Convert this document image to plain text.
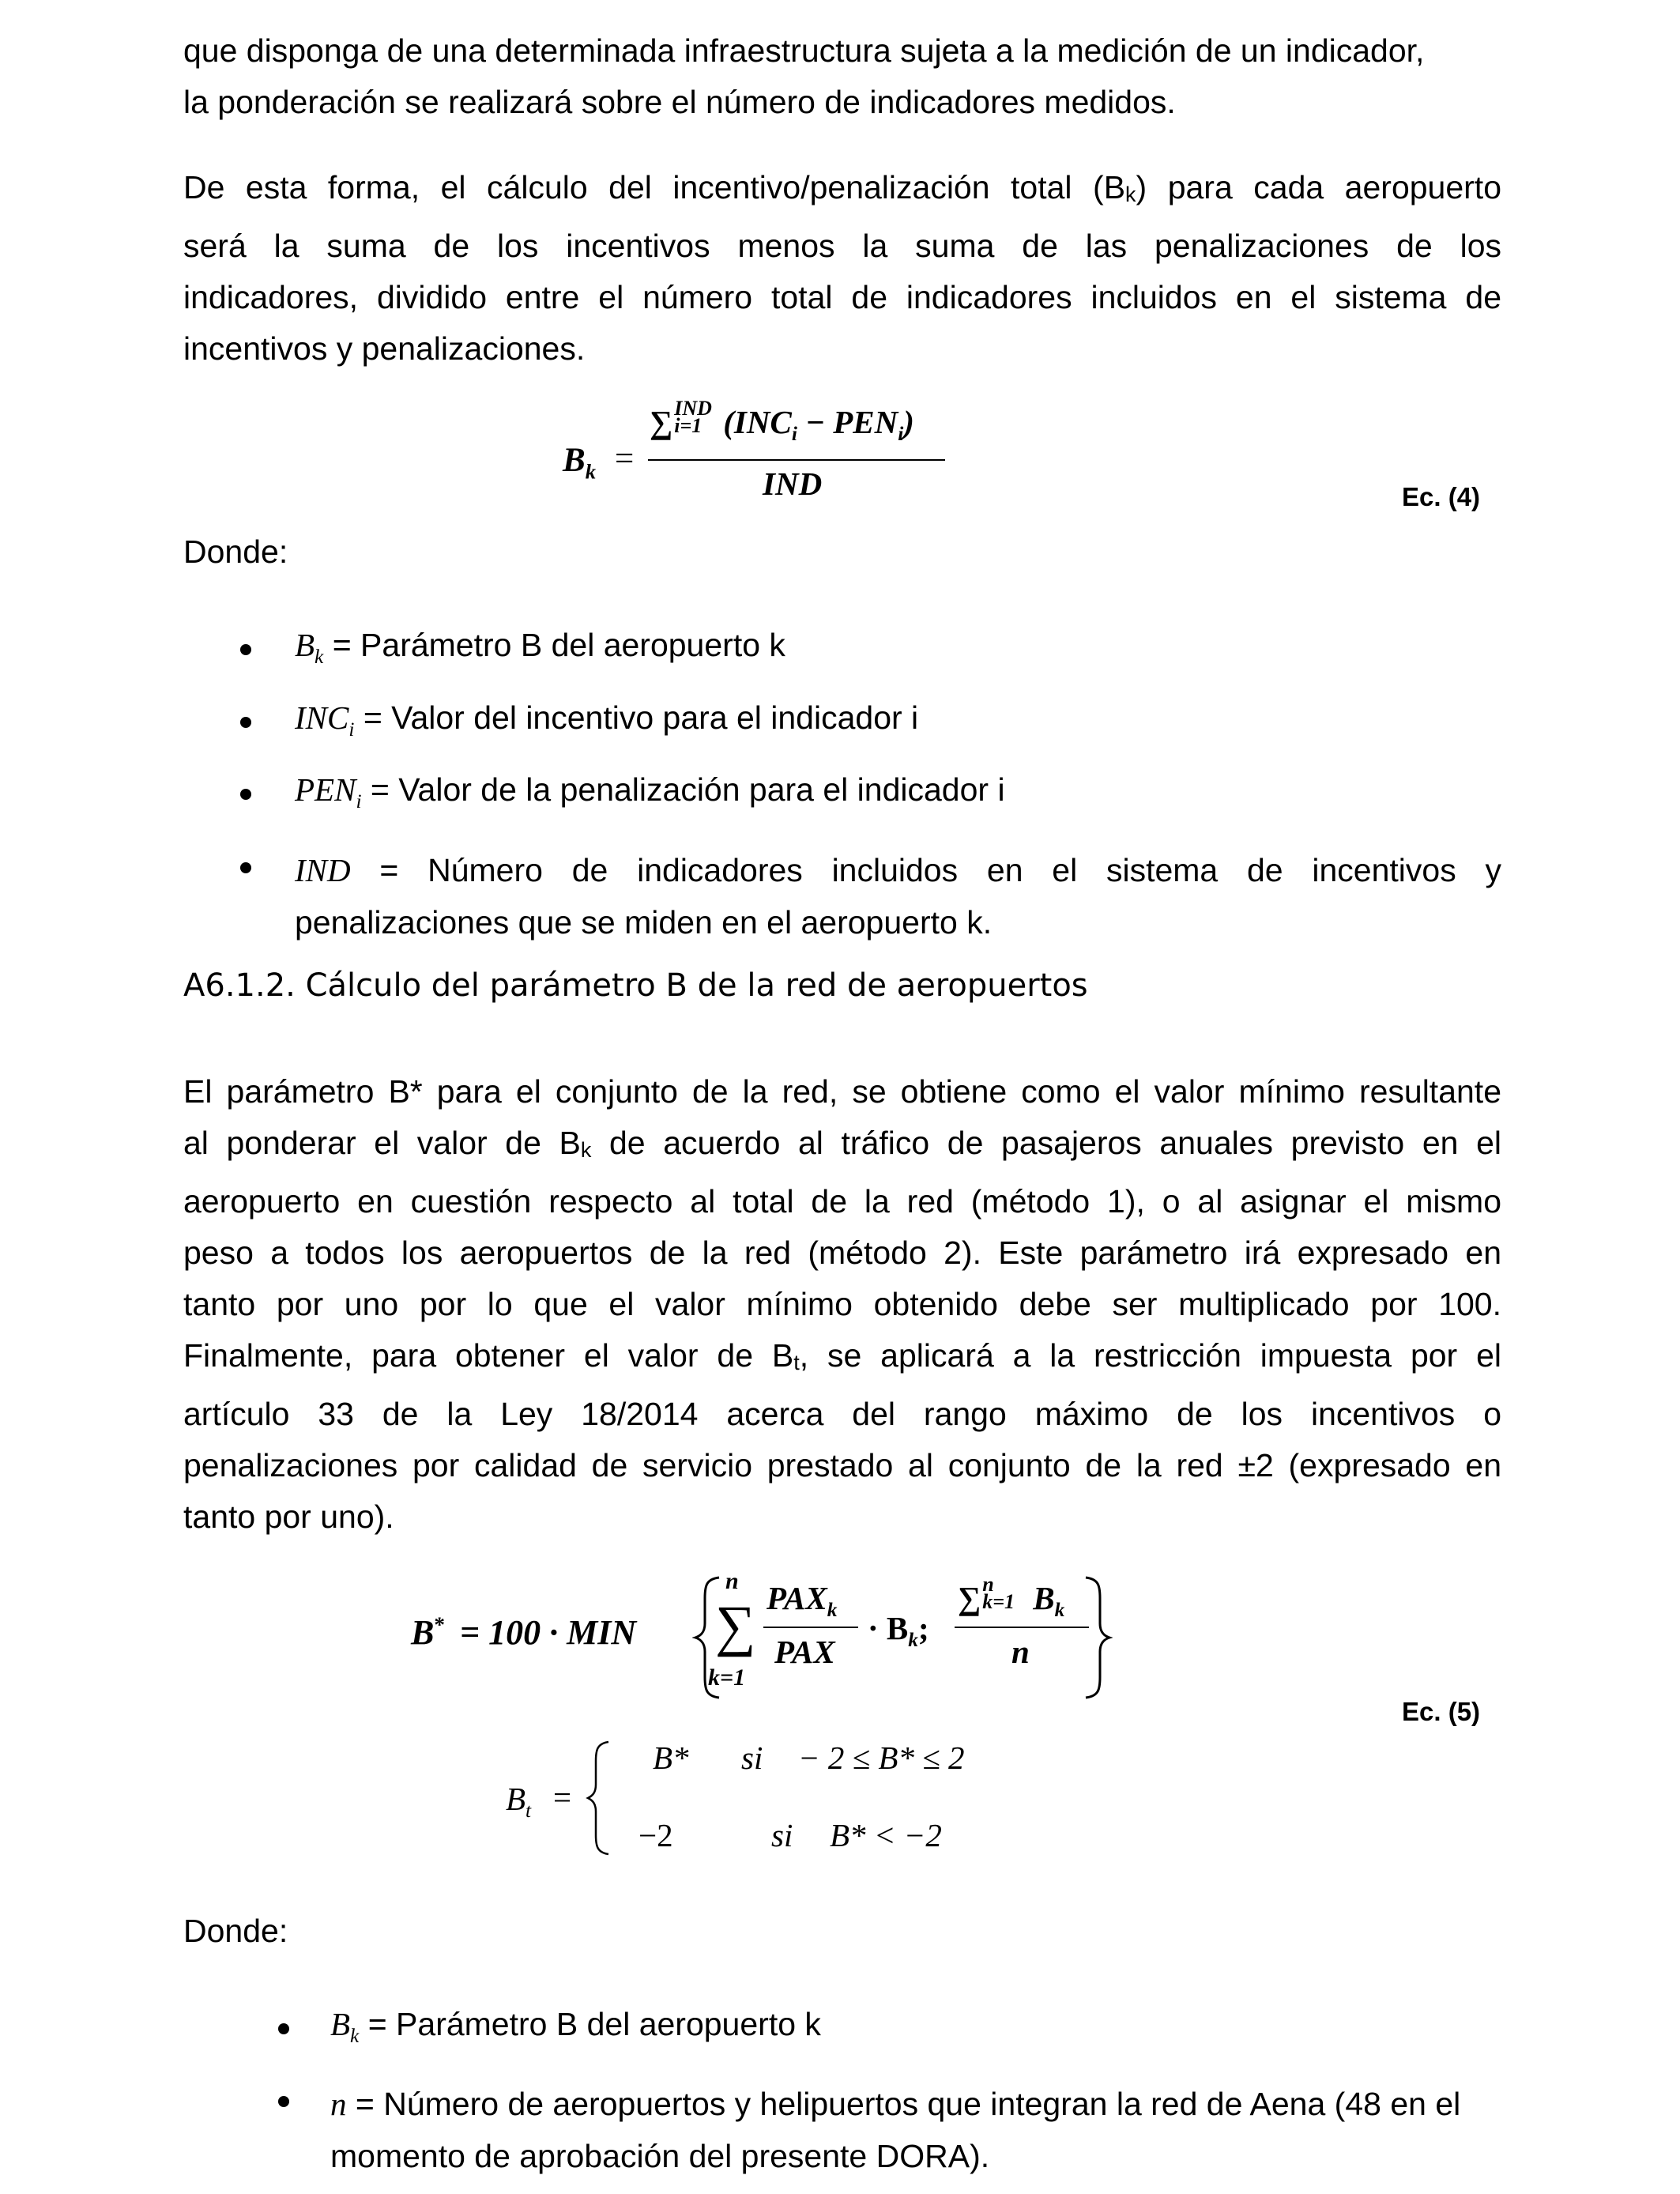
que disponga de una determinada infraestructura sujeta a la medición de un indicador,
la ponderación se realizará sobre el número de indicadores medidos.
De esta forma, el cálculo del incentivo/penalización total (Bk) para cada aeropuerto
será la suma de los incentivos menos la suma de las penalizaciones de los
indicadores, dividido entre el número total de indicadores incluidos en el sistema de
incentivos y penalizaciones.
$B_k$ =
∑ IND
i=1 $(INC_i - PEN_i)$
IND	Ec. (4)
Donde:
$B_k$ = Parámetro B del aeropuerto k
$INC_i$ = Valor del incentivo para el indicador i
$PEN_i$ = Valor de la penalización para el indicador i
IND = Número de indicadores incluidos en el sistema de incentivos y
penalizaciones que se miden en el aeropuerto k.
A6.1.2. Cálculo del parámetro B de la red de aeropuertos
El parámetro B* para el conjunto de la red, se obtiene como el valor mínimo resultante
al ponderar el valor de Bk de acuerdo al tráfico de pasajeros anuales previsto en el
aeropuerto en cuestión respecto al total de la red (método 1), o al asignar el mismo
peso a todos los aeropuertos de la red (método 2). Este parámetro irá expresado en
tanto por uno por lo que el valor mínimo obtenido debe ser multiplicado por 100.
Finalmente, para obtener el valor de Bt, se aplicará a la restricción impuesta por el
artículo 33 de la Ley 18/2014 acerca del rango máximo de los incentivos o
penalizaciones por calidad de servicio prestado al conjunto de la red ±2 (expresado en
tanto por uno).
B* = 100 · MIN
n
∑
k=1
$PAX_k$
PAX
· $B_k$;
∑ n
k=1 $B_k$
n
Ec. (5)
$B_t$ =
B* si − 2 ≤ B* ≤ 2
−2	si B* < −2
Donde:
$B_k$ = Parámetro B del aeropuerto k
n = Número de aeropuertos y helipuertos que integran la red de Aena (48 en el
momento de aprobación del presente DORA).
